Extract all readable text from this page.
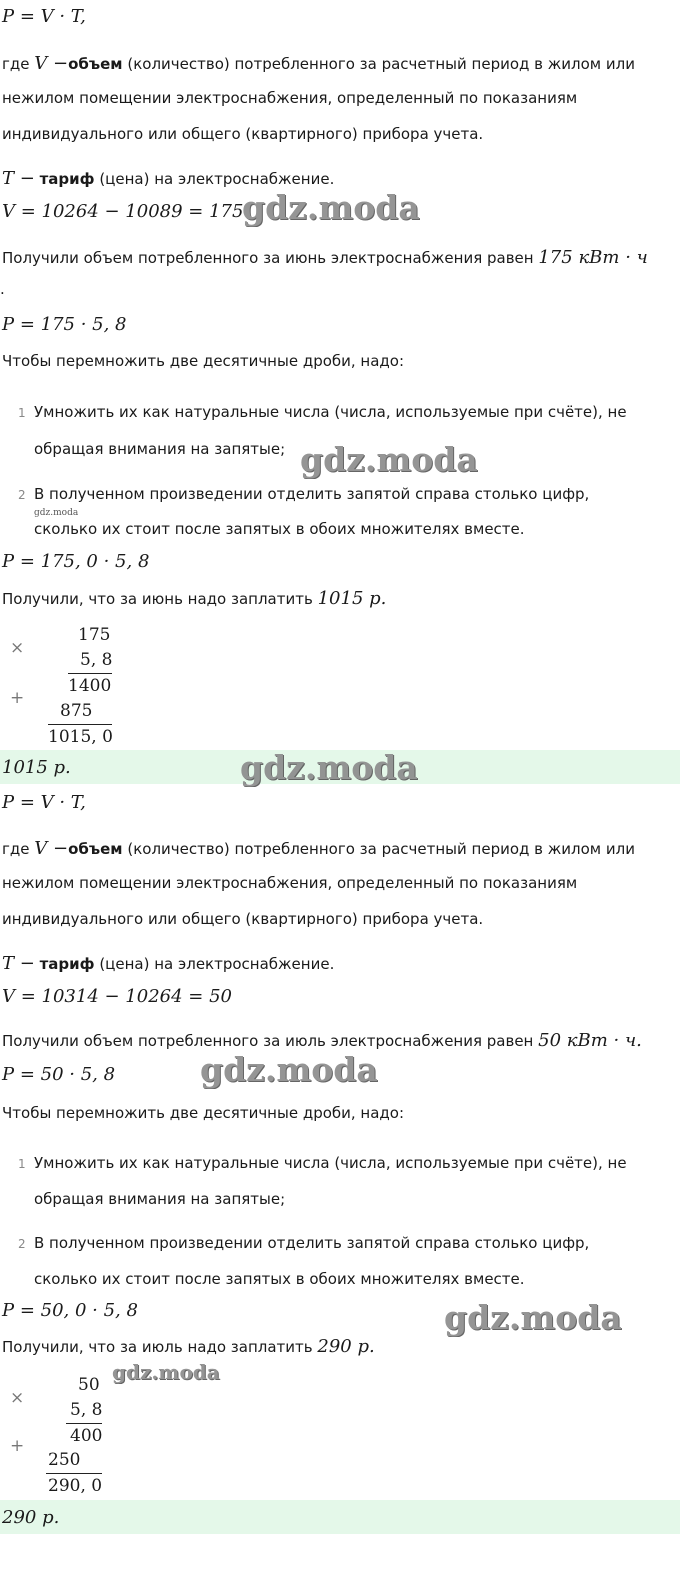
P = V · T,
где V −объем (количество) потребленного за расчетный период в жилом или
нежилом помещении электроснабжения, определенный по показаниям
индивидуального или общего (квартирного) прибора учета.
T − тариф (цена) на электроснабжение.
V = 10264 − 10089 = 175
Получили объем потребленного за июнь электроснабжения равен 175 кВт · ч
.
P = 175 · 5, 8
Чтобы перемножить две десятичные дроби, надо:
1 Умножить их как натуральные числа (числа, используемые при счёте), не
обращая внимания на запятые;
2 В полученном произведении отделить запятой справа столько цифр,
сколько их стоит после запятых в обоих множителях вместе.
gdz.moda
P = 175, 0 · 5, 8
Получили, что за июнь надо заплатить 1015 р.
×
+
175
5, 8
1400
875
1015, 0
1015 р.
P = V · T,
где V −объем (количество) потребленного за расчетный период в жилом или
нежилом помещении электроснабжения, определенный по показаниям
индивидуального или общего (квартирного) прибора учета.
T − тариф (цена) на электроснабжение.
V = 10314 − 10264 = 50
Получили объем потребленного за июль электроснабжения равен 50 кВт · ч.
P = 50 · 5, 8
Чтобы перемножить две десятичные дроби, надо:
1 Умножить их как натуральные числа (числа, используемые при счёте), не
обращая внимания на запятые;
2 В полученном произведении отделить запятой справа столько цифр,
сколько их стоит после запятых в обоих множителях вместе.
P = 50, 0 · 5, 8
Получили, что за июль надо заплатить 290 р.
×
+
50
5, 8
400
250
290, 0
290 р.
gdz.moda
gdz.moda
gdz.moda
gdz.moda
gdz.moda
gdz.moda
